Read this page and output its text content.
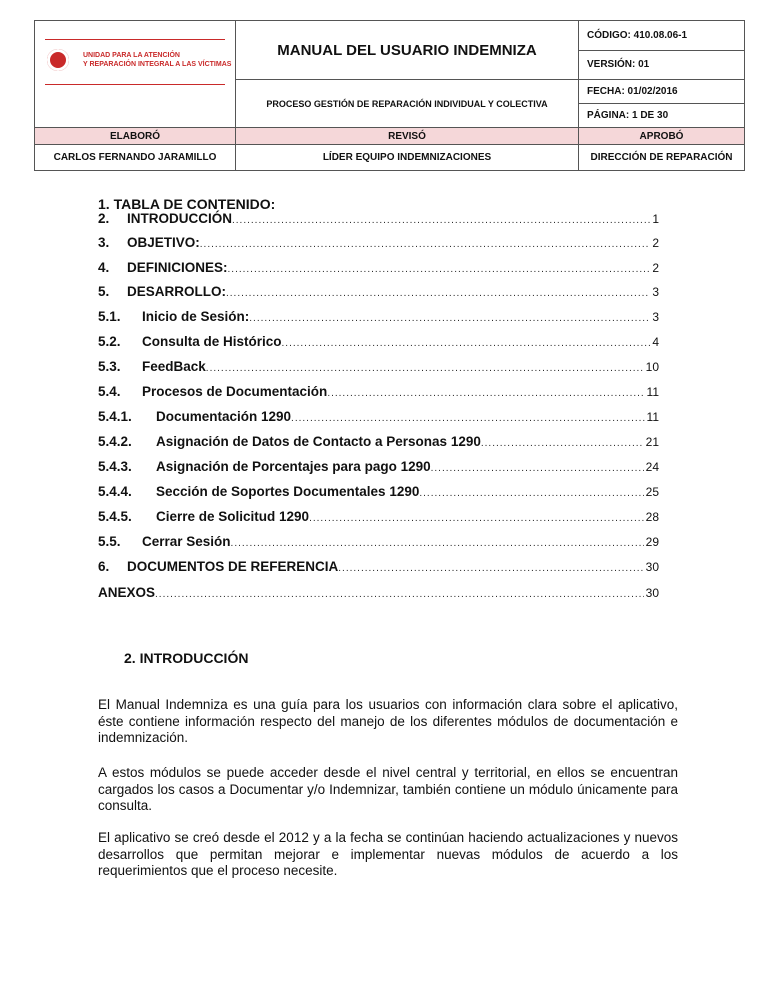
UNIDAD PARA LA ATENCIÓN
Y REPARACIÓN INTEGRAL A LAS VÍCTIMAS	MANUAL DEL USUARIO INDEMNIZA	CÓDIGO: 410.08.06-1
		VERSIÓN: 01
	PROCESO GESTIÓN DE REPARACIÓN INDIVIDUAL Y COLECTIVA	FECHA: 01/02/2016
		PÁGINA: 1 DE 30
ELABORÓ	REVISÓ	APROBÓ
CARLOS FERNANDO JARAMILLO	LÍDER EQUIPO INDEMNIZACIONES	DIRECCIÓN DE REPARACIÓN
1. TABLA DE CONTENIDO:
2.	INTRODUCCIÓN .....	1
3.	OBJETIVO: .....	2
4.	DEFINICIONES: .....	2
5.	DESARROLLO: .....	3
5.1.	Inicio de Sesión: .....	3
5.2.	Consulta de Histórico .....	4
5.3.	FeedBack .....	10
5.4.	Procesos de Documentación .....	11
5.4.1.	Documentación 1290 .....	11
5.4.2.	Asignación de Datos de Contacto a Personas 1290 .....	21
5.4.3.	Asignación de Porcentajes para pago 1290 .....	24
5.4.4.	Sección de Soportes Documentales 1290 .....	25
5.4.5.	Cierre de Solicitud 1290 .....	28
5.5.	Cerrar Sesión .....	29
6.	DOCUMENTOS DE REFERENCIA .....	30
ANEXOS .....	30
2. INTRODUCCIÓN

El Manual Indemniza es una guía para los usuarios con información clara sobre el aplicativo, éste contiene información respecto del manejo de los diferentes módulos de documentación e indemnización.

A estos módulos se puede acceder desde el nivel central y territorial, en ellos se encuentran cargados los casos a Documentar y/o Indemnizar, también contiene un módulo únicamente para consulta.

El aplicativo se creó desde el 2012 y a la fecha se continúan haciendo actualizaciones y nuevos desarrollos que permitan mejorar e implementar nuevas módulos de acuerdo a los requerimientos que el proceso necesite.
